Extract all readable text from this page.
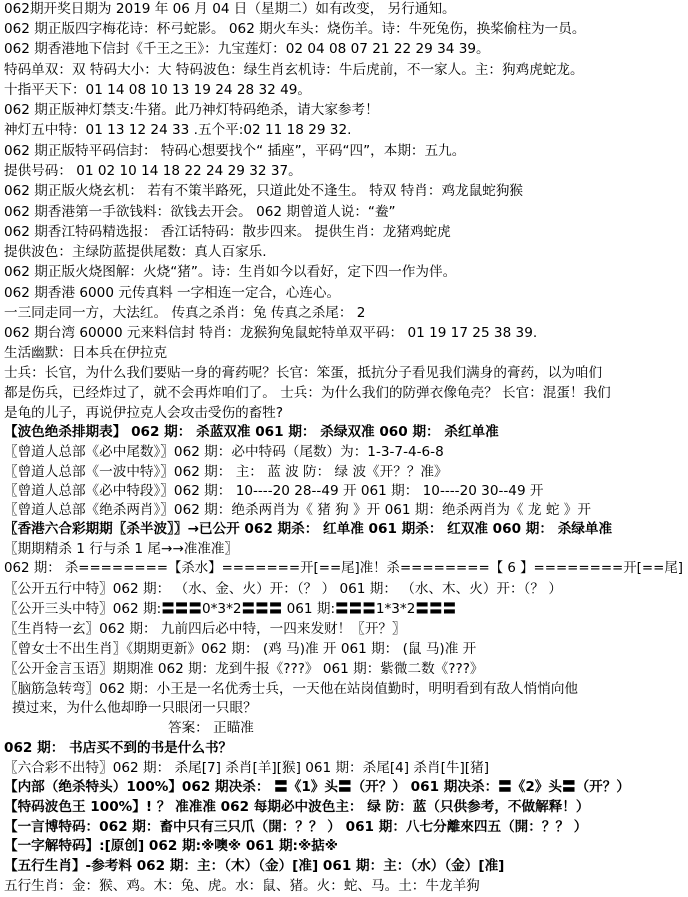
062期开奖日期为 2019 年 06 月 04 日（星期二）如有改变， 另行通知。
062 期正版四字梅花诗：杯弓蛇影。 062 期火车头：烧伤羊。诗：牛死兔伤，换桨偷柱为一员。
062 期香港地下信封《千王之王》：九宝莲灯：02 04 08 07 21 22 29 34 39。
特码单双：双 特码大小：大 特码波色：绿生肖玄机诗：牛后虎前，不一家人。主：狗鸡虎蛇龙。
十指平天下：01 14 08 10 13 19 24 28 32 49。
062 期正版神灯禁支:牛猪。此乃神灯特码绝杀，请大家参考！
神灯五中特：01 13 12 24 33 .五个平:02 11 18 29 32.
062 期正版特平码信封： 特码心想要找个“ 插座”，平码“四”，本期：五九。
提供号码： 01 02 10 14 18 22 24 29 32 37。
062 期正版火烧玄机： 若有不策半路死，只道此处不逢生。 特双 特肖：鸡龙鼠蛇狗猴
062 期香港第一手欲钱料：欲钱去开会。 062 期曾道人说：“鲞”
062 期香江特码精选报： 香江话特码：散步四来。 提供生肖：龙猪鸡蛇虎
提供波色：主绿防蓝提供尾数：真人百家乐.
062 期正版火烧图解：火烧“猪”。诗：生肖如今以看好，定下四一作为伴。
062 期香港 6000 元传真料 一字相连一定合，心连心。
一三同走同一方，大法红。 传真之杀肖：兔 传真之杀尾： 2
062 期台湾 60000 元来料信封 特肖：龙猴狗兔鼠蛇特单双平码： 01 19 17 25 38 39.
生活幽默：日本兵在伊拉克
士兵：长官，为什么我们要贴一身的膏药呢？长官：笨蛋，抵抗分子看见我们满身的膏药，以为咱们
都是伤兵，已经炸过了，就不会再炸咱们了。 士兵：为什么我们的防弹衣像龟壳？ 长官：混蛋！我们
是龟的儿子，再说伊拉克人会攻击受伤的畜牲?
【波色绝杀排期表】 062 期： 杀蓝双准 061 期： 杀绿双准 060 期： 杀红单准
〖曾道人总部《必中尾数》〗062 期：必中特码（尾数）为：1-3-7-4-6-8
〖曾道人总部《一波中特》〗062 期： 主： 蓝 波 防： 绿 波《开？？准》
〖曾道人总部《必中特段》〗062 期： 10----20 28--49 开 061 期： 10----20 30--49 开
〖曾道人总部《绝杀两肖》〗062 期：绝杀两肖为《 猪 狗 》开 061 期：绝杀两肖为《 龙 蛇 》开
〖香港六合彩期期〖杀半波〗〗→已公开 062 期杀： 红单准 061 期杀： 红双准 060 期： 杀绿单准
〖期期精杀 1 行与杀 1 尾→→准准准〗
062 期： 杀========【杀水】=======开[==尾]准！杀========【 6 】========开[==尾]
〖公开五行中特〗062 期： （水、金、火）开：（？ ） 061 期： （水、木、火）开：（？ ）
〖公开三头中特〗062 期:〓〓〓0*3*2〓〓〓 061 期:〓〓〓1*3*2〓〓〓
〖生肖特一玄〗062 期： 九前四后必中特，一四来发财！〖开？〗
〖曾女士不出生肖〗《期期更新》062 期： (鸡 马)准 开 061 期： (鼠 马)准 开
〖公开金言玉语〗期期准 062 期：龙到牛报《???》 061 期：紫微二数《???》
〖脑筋急转弯〗062 期：小王是一名优秀士兵，一天他在站岗值勤时，明明看到有敌人悄悄向他
摸过来，为什么他却睁一只眼闭一只眼？
答案： 正瞄准
062 期： 书店买不到的书是什么书？
〖六合彩不出特〗062 期： 杀尾[7] 杀肖[羊][猴] 061 期：杀尾[4] 杀肖[牛][猪]
【内部（绝杀特头）100%】062 期决杀： 〓《1》头〓（开？） 061 期决杀：〓《2》头〓（开？）
【特码波色王 100%】! ？ 准准准 062 每期必中波色主： 绿 防：蓝（只供参考，不做解释！）
【一言博特码：062 期：畜中只有三只爪（開：？？ ） 061 期：八七分離來四五（開：？？ ）
【一字解特码】:[原创] 062 期:※噢※ 061 期:※掂※
【五行生肖】-参考料 062 期：主：（木）（金）[准] 061 期：主：（水）（金）[准]
五行生肖：金：猴、鸡。木：兔、虎。水：鼠、猪。火：蛇、马。土：牛龙羊狗
